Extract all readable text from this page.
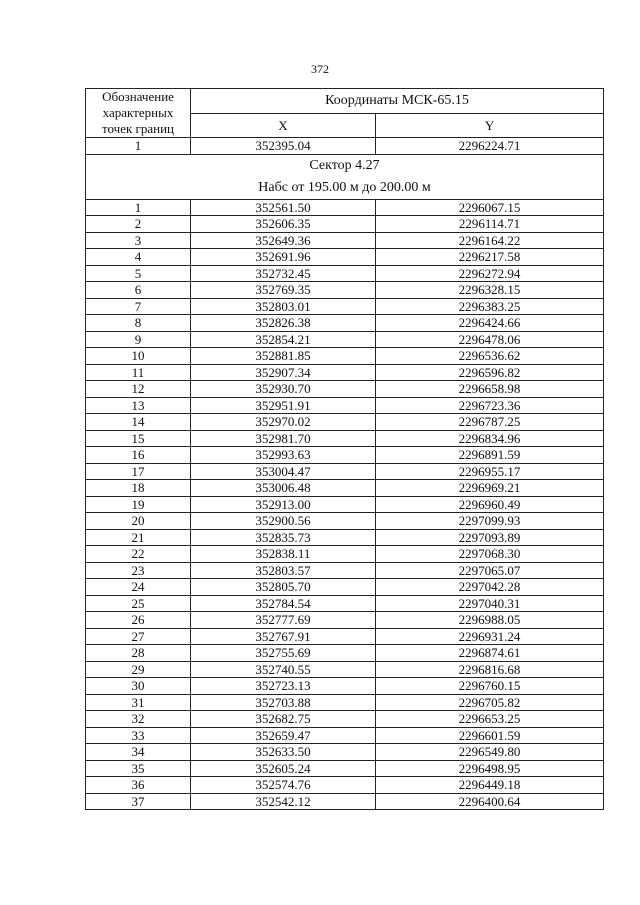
372
Обозначение
характерных
точек границ	Координаты МСК-65.15	
	X	Y
1	352395.04	2296224.71

Сектор 4.27
Набс от 195.00 м до 200.00 м		

1	352561.50	2296067.15
2	352606.35	2296114.71
3	352649.36	2296164.22
4	352691.96	2296217.58
5	352732.45	2296272.94
6	352769.35	2296328.15
7	352803.01	2296383.25
8	352826.38	2296424.66
9	352854.21	2296478.06
10	352881.85	2296536.62
11	352907.34	2296596.82
12	352930.70	2296658.98
13	352951.91	2296723.36
14	352970.02	2296787.25
15	352981.70	2296834.96
16	352993.63	2296891.59
17	353004.47	2296955.17
18	353006.48	2296969.21
19	352913.00	2296960.49
20	352900.56	2297099.93
21	352835.73	2297093.89
22	352838.11	2297068.30
23	352803.57	2297065.07
24	352805.70	2297042.28
25	352784.54	2297040.31
26	352777.69	2296988.05
27	352767.91	2296931.24
28	352755.69	2296874.61
29	352740.55	2296816.68
30	352723.13	2296760.15
31	352703.88	2296705.82
32	352682.75	2296653.25
33	352659.47	2296601.59
34	352633.50	2296549.80
35	352605.24	2296498.95
36	352574.76	2296449.18
37	352542.12	2296400.64
